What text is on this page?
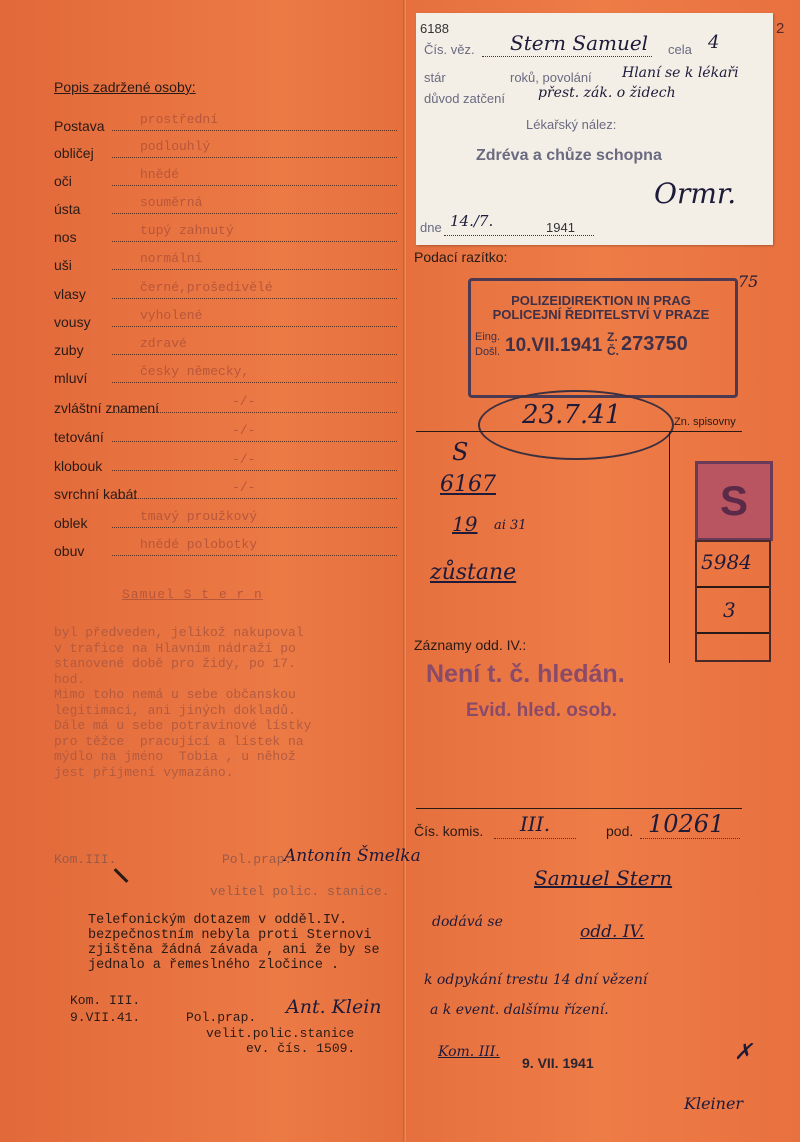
Popis zadržené osoby:
Postava	prostřední
obličej	podlouhlý
oči	hnědé
ústa	souměrná
nos	tupý zahnutý
uši	normální
vlasy	černé,prošedivělé
vousy	vyholené
zuby	zdravé
mluví	česky německy,
zvláštní znamení	-/-
tetování	-/-
klobouk	-/-
svrchní kabát	-/-
oblek	tmavý proužkový
obuv	hnědé polobotky
Samuel S t e r n
byl předveden, jelikož nakupoval
v trafice na Hlavním nádraží po
stanovené době pro židy, po 17.
hod.
Mimo toho nemá u sebe občanskou
legitimaci, ani jiných dokladů.
Dále má u sebe potravinové lístky
pro těžce  pracující a lístek na
mýdlo na jméno  Tobia , u něhož
jest příjmení vymazáno.
Kom.III.	Pol.prap.
Antonín Šmelka
velitel polic. stanice.
Telefonickým dotazem v odděl.IV.
bezpečnostním nebyla proti Sternovi
zjištěna žádná závada , ani že by se
jednalo a řemeslného zločince .
Kom. III.
9.VII.41.	Pol.prap. Ant. Klein
velit.polic.stanice
ev. čís. 1509.
6188
Čís. věz. Stern Samuel cela 4
stár	roků, povolání Hlaní se k lékaři
důvod zatčení přest. zák. o židech
Lékařský nález:
Zdréva a chůze schopna
Ormr.
dne 14./7.	1941
2
Podací razítko:
POLIZEIDIREKTION IN PRAG
POLICEJNÍ ŘEDITELSTVÍ V PRAZE
Eing.
Došl. 10.VII.1941 Z.
Č. 273750
75
23.7.41	Zn. spisovny
S
6167
19 ai 31
zůstane
S
5984
3
Záznamy odd. IV.:
Není t. č. hledán.
Evid. hled. osob.
Čís. komis. III.	pod. 10261
Samuel Stern
dodává se	odd. IV.
k odpykání trestu 14 dní vězení
a k event. dalšímu řízení.
Kom. III.
9. VII. 1941	✗
Kleiner
